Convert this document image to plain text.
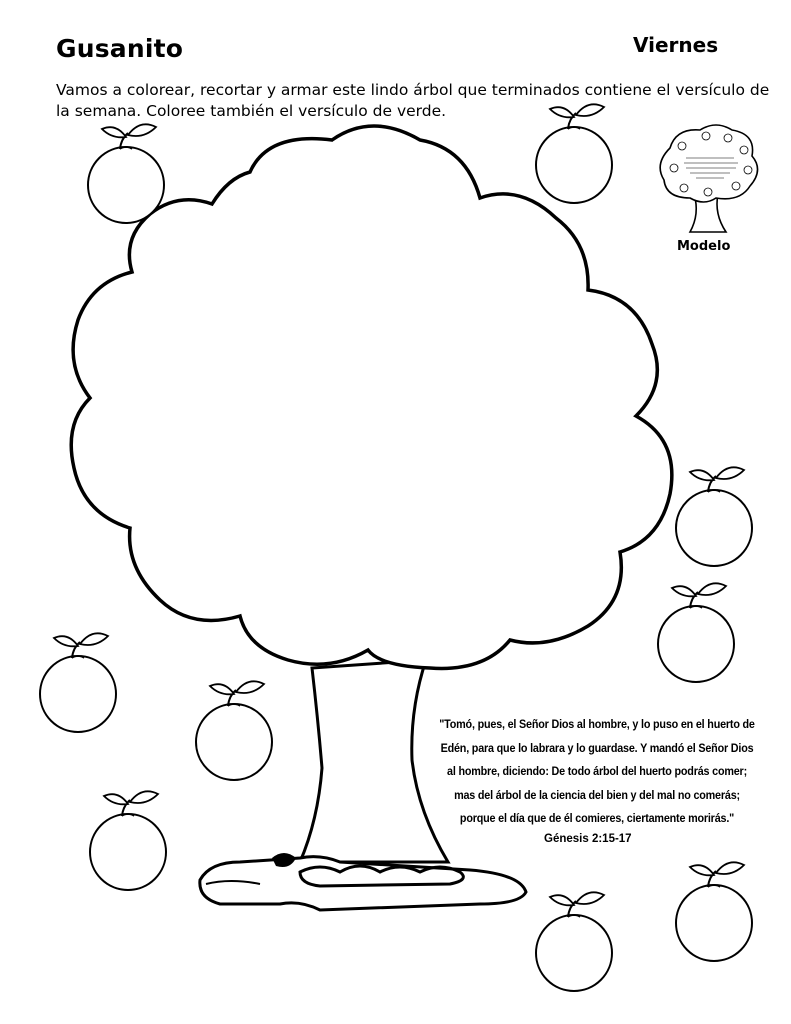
Gusanito	Viernes
Vamos a colorear, recortar y armar este lindo árbol que terminados contiene el versículo de la semana. Coloree también el versículo de verde.
Modelo
"Tomó, pues, el Señor Dios al hombre, y lo puso en el huerto de Edén, para que lo labrara y lo guardase. Y mandó el Señor Dios al hombre, diciendo: De todo árbol del huerto podrás comer; mas del árbol de la ciencia del bien y del mal no comerás; porque el día que de él comieres, ciertamente morirás."
Génesis 2:15-17
